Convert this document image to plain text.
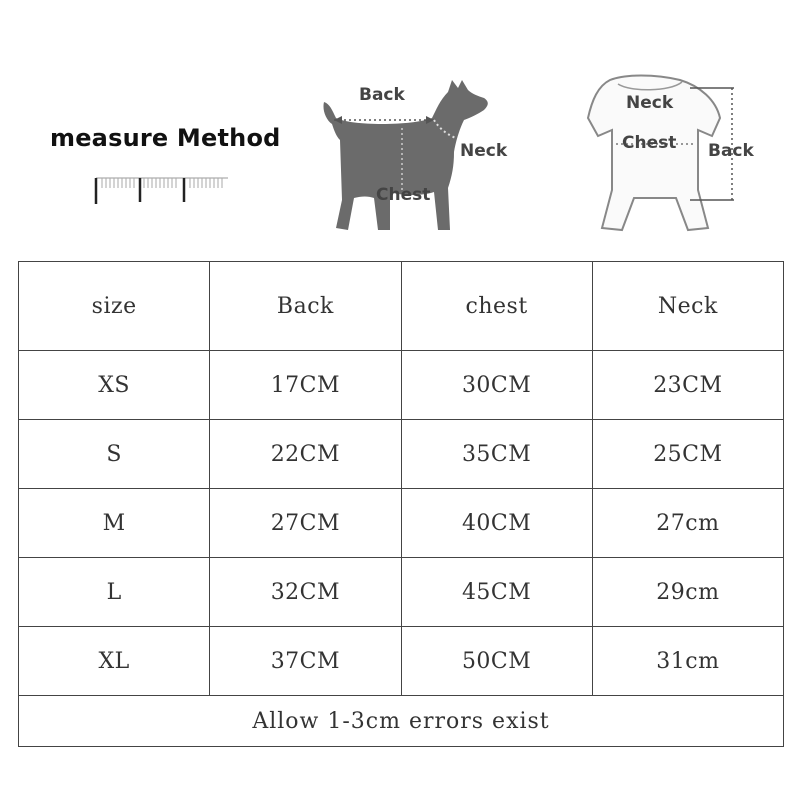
measure Method
Back
Neck
Chest
Neck
Chest Back
size	Back	chest	Neck
XS	17CM	30CM	23CM
S	22CM	35CM	25CM
M	27CM	40CM	27cm
L	32CM	45CM	29cm
XL	37CM	50CM	31cm
Allow 1-3cm errors exist			
